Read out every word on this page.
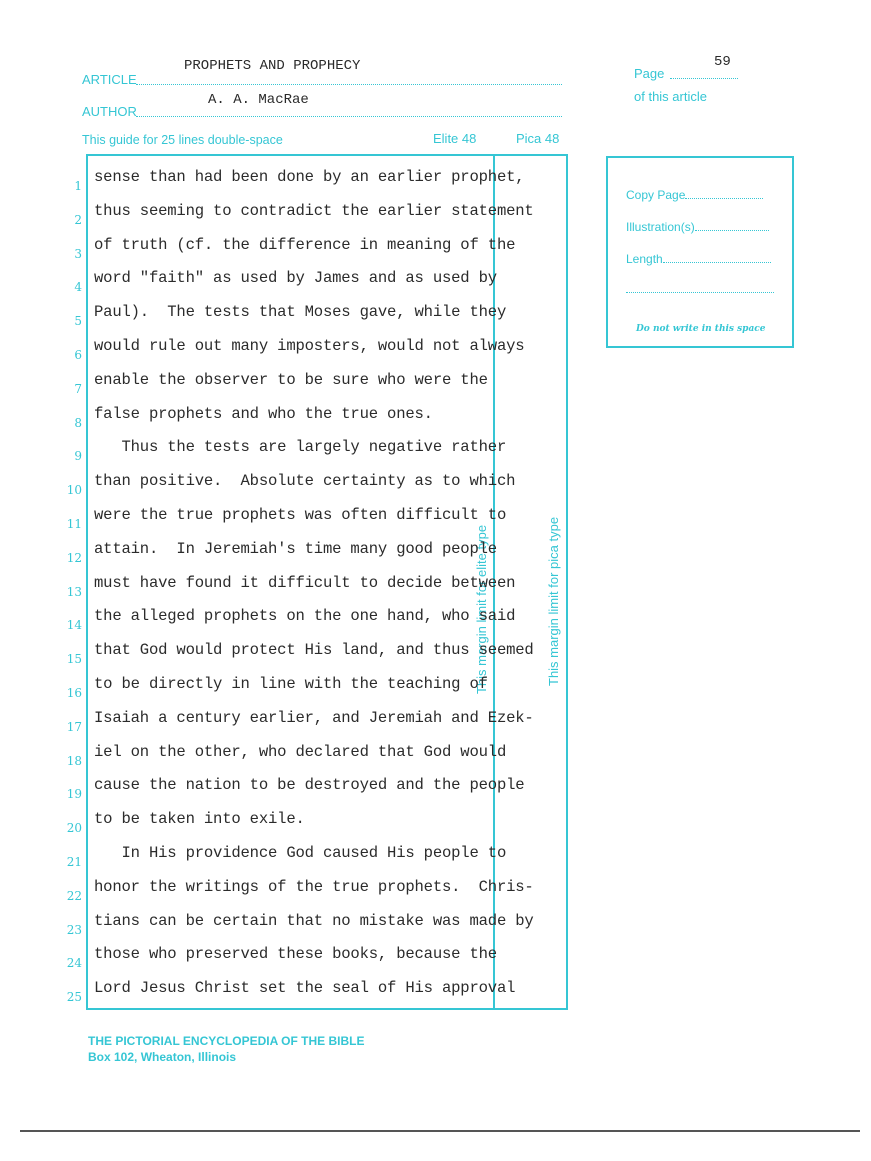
ARTICLE
PROPHETS AND PROPHECY
AUTHOR
A. A. MacRae
Page
59
of this article
This guide for 25 lines double-space	Elite 48	Pica 48
This margin limit for elite type	This margin limit for pica type
1 sense than had been done by an earlier prophet,
2 thus seeming to contradict the earlier statement
3 of truth (cf. the difference in meaning of the
4 word "faith" as used by James and as used by
5 Paul).  The tests that Moses gave, while they
6 would rule out many imposters, would not always
7 enable the observer to be sure who were the
8 false prophets and who the true ones.
9 Thus the tests are largely negative rather
10 than positive.  Absolute certainty as to which
11 were the true prophets was often difficult to
12 attain.  In Jeremiah's time many good people
13 must have found it difficult to decide between
14 the alleged prophets on the one hand, who said
15 that God would protect His land, and thus seemed
16 to be directly in line with the teaching of
17 Isaiah a century earlier, and Jeremiah and Ezek-
18 iel on the other, who declared that God would
19 cause the nation to be destroyed and the people
20 to be taken into exile.
21 In His providence God caused His people to
22 honor the writings of the true prophets.  Chris-
23 tians can be certain that no mistake was made by
24 those who preserved these books, because the
25 Lord Jesus Christ set the seal of His approval
Copy Page
Illustration(s)
Length
Do not write in this space
THE PICTORIAL ENCYCLOPEDIA OF THE BIBLE
Box 102, Wheaton, Illinois
